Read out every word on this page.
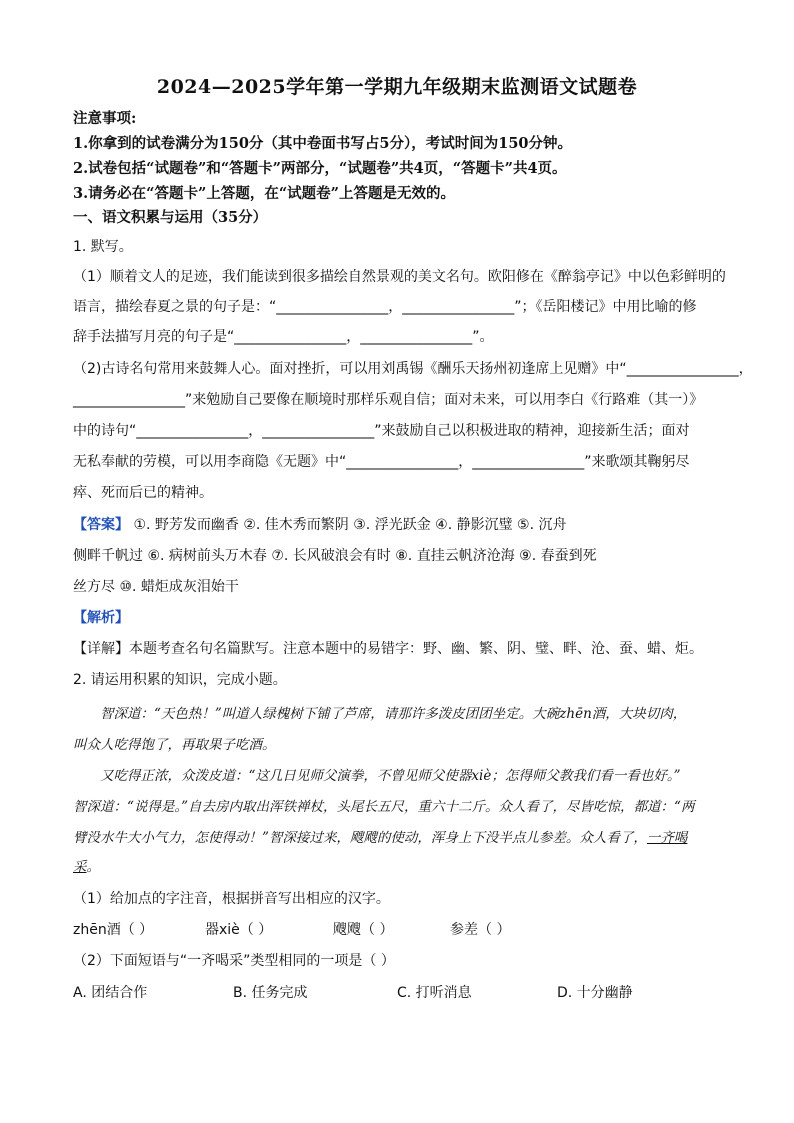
2024—2025学年第一学期九年级期末监测语文试题卷
注意事项:
1.你拿到的试卷满分为150分（其中卷面书写占5分），考试时间为150分钟。
2.试卷包括“试题卷”和“答题卡”两部分，“试题卷”共4页，“答题卡”共4页。
3.请务必在“答题卡”上答题，在“试题卷”上答题是无效的。
一、语文积累与运用（35分）
1. 默写。
（1）顺着文人的足迹，我们能读到很多描绘自然景观的美文名句。欧阳修在《醉翁亭记》中以色彩鲜明的
语言，描绘春夏之景的句子是：“________________，________________”；《岳阳楼记》中用比喻的修
辞手法描写月亮的句子是“________________，________________”。
（2)古诗名句常用来鼓舞人心。面对挫折，可以用刘禹锡《酬乐天扬州初逢席上见赠》中“________________，
________________”来勉励自己要像在顺境时那样乐观自信；面对未来，可以用李白《行路难（其一）》
中的诗句“________________，________________”来鼓励自己以积极进取的精神，迎接新生活；面对
无私奉献的劳模，可以用李商隐《无题》中“________________，________________”来歌颂其鞠躬尽
瘁、死而后已的精神。
【答案】 ①. 野芳发而幽香 ②. 佳木秀而繁阴 ③. 浮光跃金 ④. 静影沉璧 ⑤. 沉舟
侧畔千帆过 ⑥. 病树前头万木春 ⑦. 长风破浪会有时 ⑧. 直挂云帆济沧海 ⑨. 春蚕到死
丝方尽 ⑩. 蜡炬成灰泪始干
【解析】
【详解】本题考查名句名篇默写。注意本题中的易错字：野、幽、繁、阴、璧、畔、沧、蚕、蜡、炬。
2. 请运用积累的知识，完成小题。
智深道：“天色热！”叫道人绿槐树下铺了芦席，请那许多泼皮团团坐定。大碗zhēn酒，大块切肉，
叫众人吃得饱了，再取果子吃酒。
又吃得正浓，众泼皮道：“这几日见师父演拳，不曾见师父使器xiè；怎得师父教我们看一看也好。”
智深道：“说得是。”自去房内取出浑铁禅杖，头尾长五尺，重六十二斤。众人看了，尽皆吃惊，都道：“两
臂没水牛大小气力，怎使得动！”智深接过来，飕飕的使动，浑身上下没半点儿参差。众人看了，一齐喝
采。
（1）给加点的字注音，根据拼音写出相应的汉字。
zhēn酒（ ）	器xiè（ ）	飕飕（ ）	参差（ ）
（2）下面短语与“一齐喝采”类型相同的一项是（ ）
A. 团结合作	B. 任务完成	C. 打听消息	D. 十分幽静
